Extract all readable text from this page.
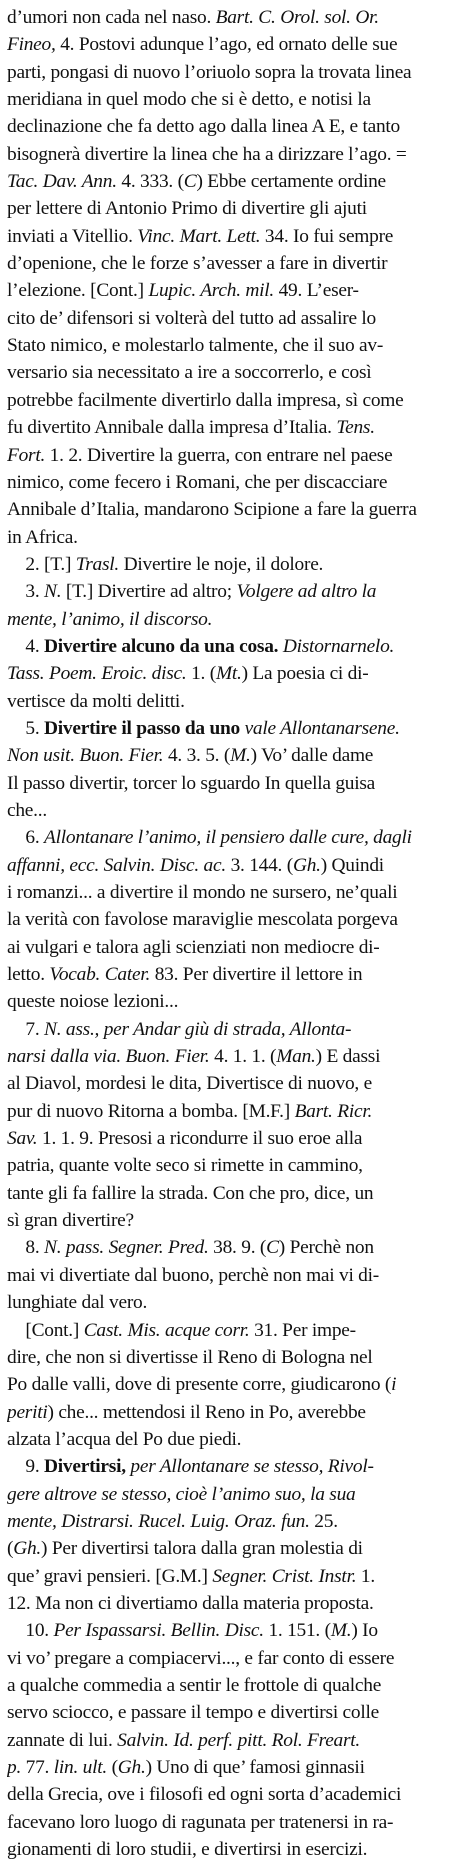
d’umori non cada nel naso. Bart. C. Orol. sol. Or.
Fineo, 4. Postovi adunque l’ago, ed ornato delle sue
parti, pongasi di nuovo l’oriuolo sopra la trovata linea
meridiana in quel modo che si è detto, e notisi la
declinazione che fa detto ago dalla linea A E, e tanto
bisognerà divertire la linea che ha a dirizzare l’ago. =
Tac. Dav. Ann. 4. 333. (C) Ebbe certamente ordine
per lettere di Antonio Primo di divertire gli ajuti
inviati a Vitellio. Vinc. Mart. Lett. 34. Io fui sempre
d’openione, che le forze s’avesser a fare in divertir
l’elezione. [Cont.] Lupic. Arch. mil. 49. L’eser-
cito de’ difensori si volterà del tutto ad assalire lo
Stato nimico, e molestarlo talmente, che il suo av-
versario sia necessitato a ire a soccorrerlo, e così
potrebbe facilmente divertirlo dalla impresa, sì come
fu divertito Annibale dalla impresa d’Italia. Tens.
Fort. 1. 2. Divertire la guerra, con entrare nel paese
nimico, come fecero i Romani, che per discacciare
Annibale d’Italia, mandarono Scipione a fare la guerra
in Africa.
2. [T.] Trasl. Divertire le noje, il dolore.
3. N. [T.] Divertire ad altro; Volgere ad altro la
mente, l’animo, il discorso.
4. Divertire alcuno da una cosa. Distornarnelo.
Tass. Poem. Eroic. disc. 1. (Mt.) La poesia ci di-
vertisce da molti delitti.
5. Divertire il passo da uno vale Allontanarsene.
Non usit. Buon. Fier. 4. 3. 5. (M.) Vo’ dalle dame
Il passo divertir, torcer lo sguardo In quella guisa
che...
6. Allontanare l’animo, il pensiero dalle cure, dagli
affanni, ecc. Salvin. Disc. ac. 3. 144. (Gh.) Quindi
i romanzi... a divertire il mondo ne sursero, ne’quali
la verità con favolose maraviglie mescolata porgeva
ai vulgari e talora agli scienziati non mediocre di-
letto. Vocab. Cater. 83. Per divertire il lettore in
queste noiose lezioni...
7. N. ass., per Andar giù di strada, Allonta-
narsi dalla via. Buon. Fier. 4. 1. 1. (Man.) E dassi
al Diavol, mordesi le dita, Divertisce di nuovo, e
pur di nuovo Ritorna a bomba. [M.F.] Bart. Ricr.
Sav. 1. 1. 9. Presosi a ricondurre il suo eroe alla
patria, quante volte seco si rimette in cammino,
tante gli fa fallire la strada. Con che pro, dice, un
sì gran divertire?
8. N. pass. Segner. Pred. 38. 9. (C) Perchè non
mai vi divertiate dal buono, perchè non mai vi di-
lunghiate dal vero.
[Cont.] Cast. Mis. acque corr. 31. Per impe-
dire, che non si divertisse il Reno di Bologna nel
Po dalle valli, dove di presente corre, giudicarono (i
periti) che... mettendosi il Reno in Po, averebbe
alzata l’acqua del Po due piedi.
9. Divertirsi, per Allontanare se stesso, Rivol-
gere altrove se stesso, cioè l’animo suo, la sua
mente, Distrarsi. Rucel. Luig. Oraz. fun. 25.
(Gh.) Per divertirsi talora dalla gran molestia di
que’ gravi pensieri. [G.M.] Segner. Crist. Instr. 1.
12. Ma non ci divertiamo dalla materia proposta.
10. Per Ispassarsi. Bellin. Disc. 1. 151. (M.) Io
vi vo’ pregare a compiacervi..., e far conto di essere
a qualche commedia a sentir le frottole di qualche
servo sciocco, e passare il tempo e divertirsi colle
zannate di lui. Salvin. Id. perf. pitt. Rol. Freart.
p. 77. lin. ult. (Gh.) Uno di que’ famosi ginnasii
della Grecia, ove i filosofi ed ogni sorta d’academici
facevano loro luogo di ragunata per tratenersi in ra-
gionamenti di loro studii, e divertirsi in esercizi.
